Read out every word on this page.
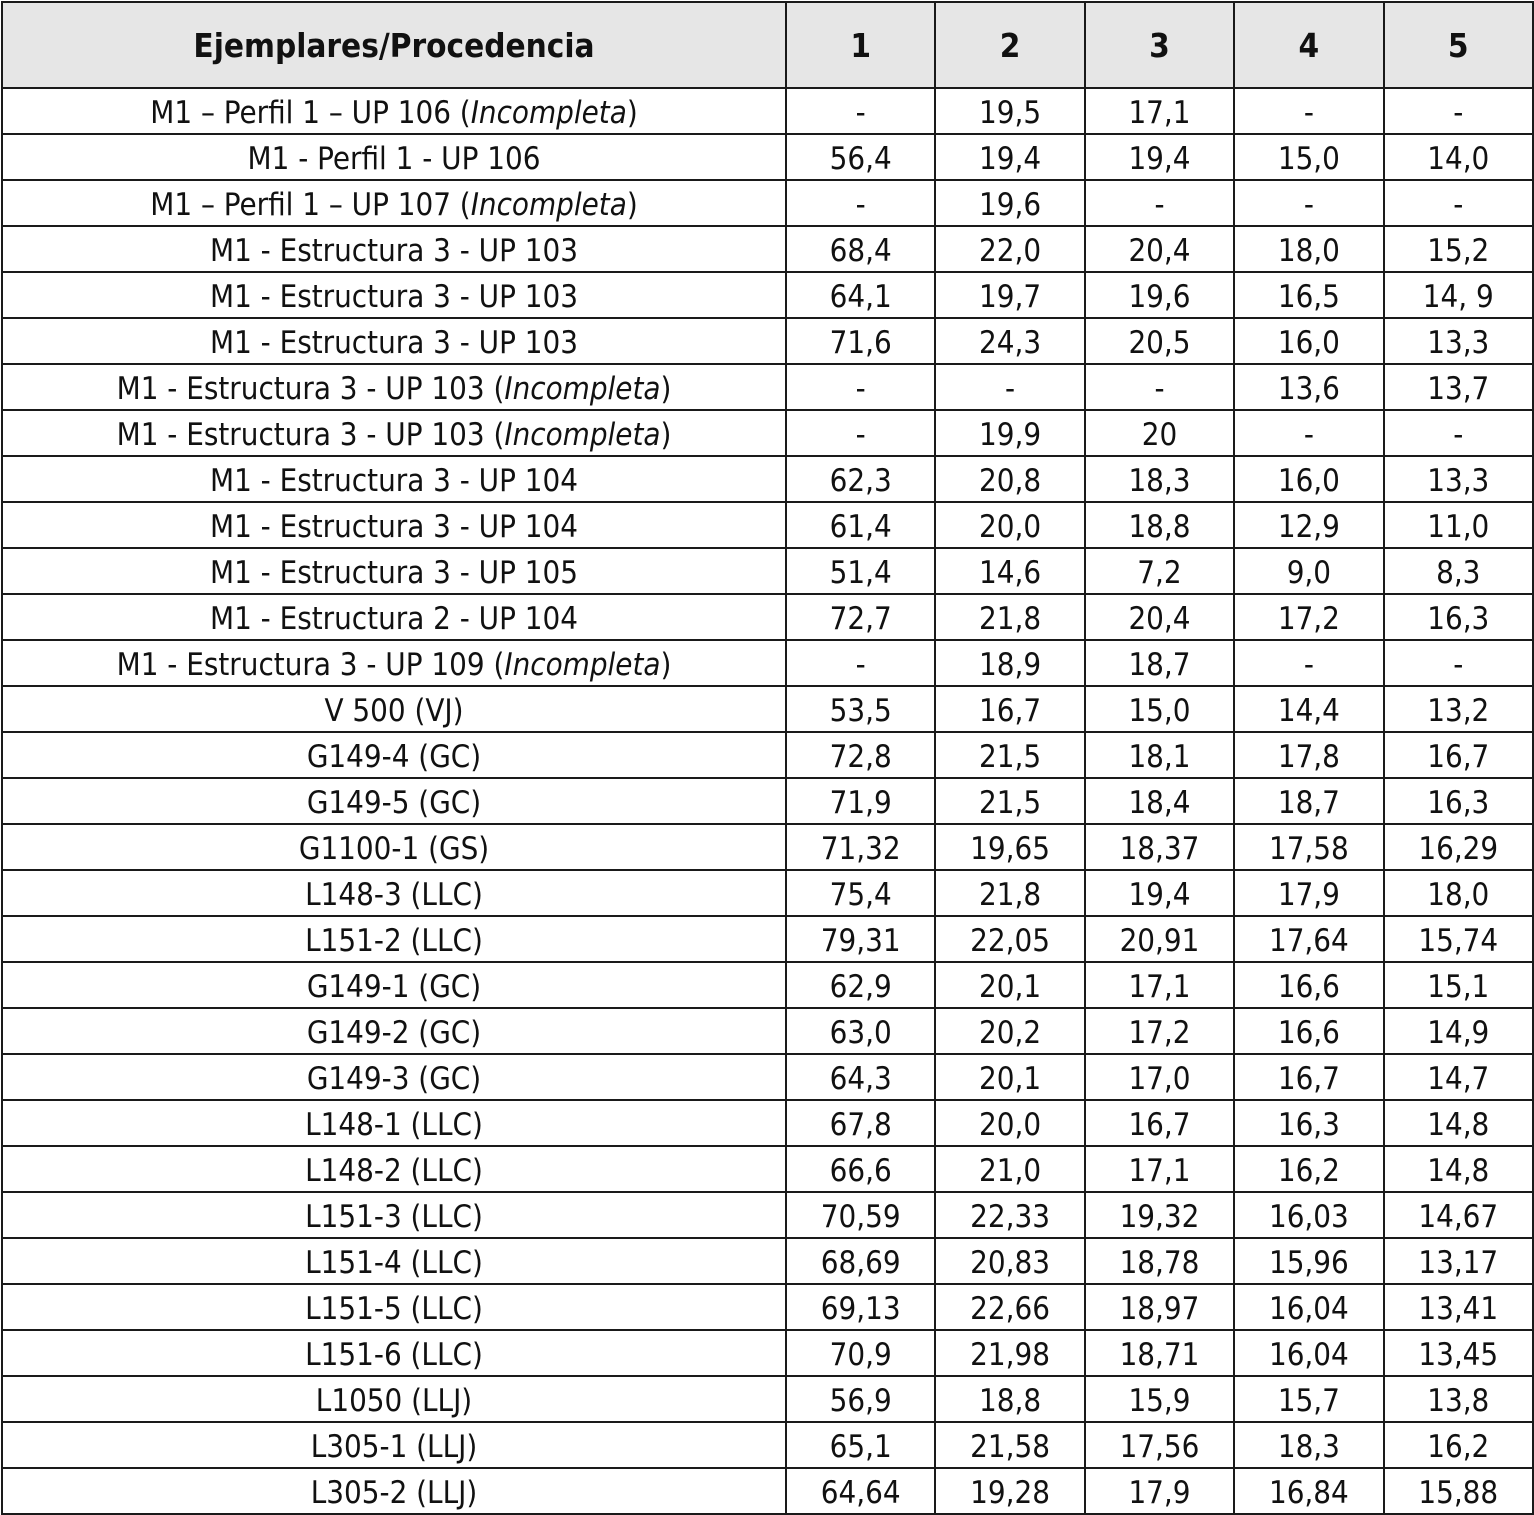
Ejemplares/Procedencia	1	2	3	4	5
M1 – Perfil 1 – UP 106 (Incompleta)	-	19,5	17,1	-	-
M1 - Perfil 1 - UP 106	56,4	19,4	19,4	15,0	14,0
M1 – Perfil 1 – UP 107 (Incompleta)	-	19,6	-	-	-
M1 - Estructura 3 - UP 103	68,4	22,0	20,4	18,0	15,2
M1 - Estructura 3 - UP 103	64,1	19,7	19,6	16,5	14, 9
M1 - Estructura 3 - UP 103	71,6	24,3	20,5	16,0	13,3
M1 - Estructura 3 - UP 103 (Incompleta)	-	-	-	13,6	13,7
M1 - Estructura 3 - UP 103 (Incompleta)	-	19,9	20	-	-
M1 - Estructura 3 - UP 104	62,3	20,8	18,3	16,0	13,3
M1 - Estructura 3 - UP 104	61,4	20,0	18,8	12,9	11,0
M1 - Estructura 3 - UP 105	51,4	14,6	7,2	9,0	8,3
M1 - Estructura 2 - UP 104	72,7	21,8	20,4	17,2	16,3
M1 - Estructura 3 - UP 109 (Incompleta)	-	18,9	18,7	-	-
V 500 (VJ)	53,5	16,7	15,0	14,4	13,2
G149-4 (GC)	72,8	21,5	18,1	17,8	16,7
G149-5 (GC)	71,9	21,5	18,4	18,7	16,3
G1100-1 (GS)	71,32	19,65	18,37	17,58	16,29
L148-3 (LLC)	75,4	21,8	19,4	17,9	18,0
L151-2 (LLC)	79,31	22,05	20,91	17,64	15,74
G149-1 (GC)	62,9	20,1	17,1	16,6	15,1
G149-2 (GC)	63,0	20,2	17,2	16,6	14,9
G149-3 (GC)	64,3	20,1	17,0	16,7	14,7
L148-1 (LLC)	67,8	20,0	16,7	16,3	14,8
L148-2 (LLC)	66,6	21,0	17,1	16,2	14,8
L151-3 (LLC)	70,59	22,33	19,32	16,03	14,67
L151-4 (LLC)	68,69	20,83	18,78	15,96	13,17
L151-5 (LLC)	69,13	22,66	18,97	16,04	13,41
L151-6 (LLC)	70,9	21,98	18,71	16,04	13,45
L1050 (LLJ)	56,9	18,8	15,9	15,7	13,8
L305-1 (LLJ)	65,1	21,58	17,56	18,3	16,2
L305-2 (LLJ)	64,64	19,28	17,9	16,84	15,88
